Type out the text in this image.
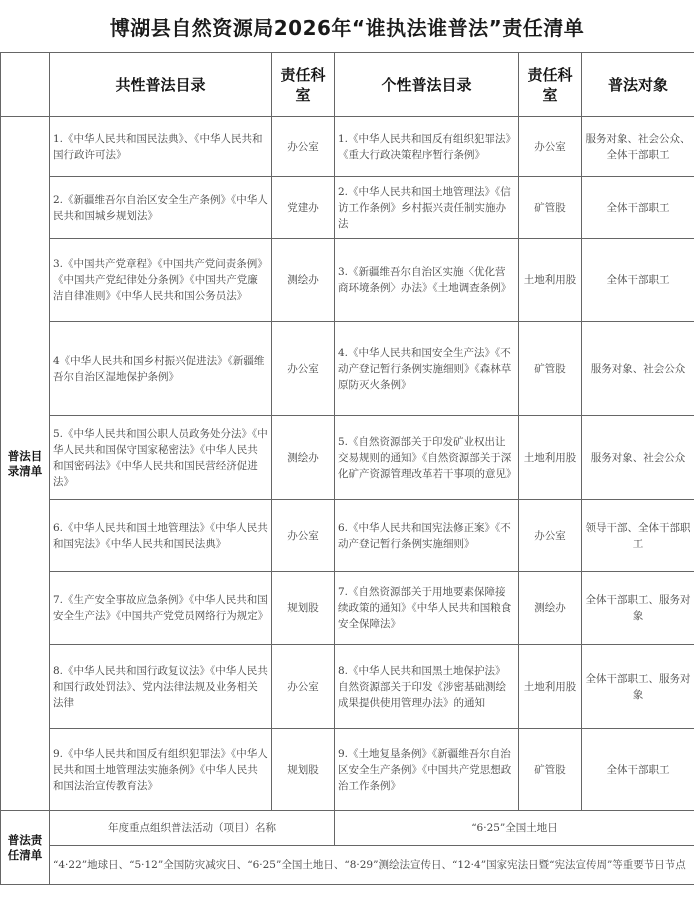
博湖县自然资源局2026年“谁执法谁普法”责任清单
	共性普法目录	责任科室	个性普法目录	责任科室	普法对象
普法目录清单	1.《中华人民共和国民法典》、《中华人民共和国行政许可法》	办公室	1.《中华人民共和国反有组织犯罪法》《重大行政决策程序暂行条例》	办公室	服务对象、社会公众、全体干部职工
	2.《新疆维吾尔自治区安全生产条例》《中华人民共和国城乡规划法》	党建办	2.《中华人民共和国土地管理法》《信访工作条例》乡村振兴责任制实施办法	矿管股	全体干部职工
	3.《中国共产党章程》《中国共产党问责条例》《中国共产党纪律处分条例》《中国共产党廉洁自律准则》《中华人民共和国公务员法》	测绘办	3.《新疆维吾尔自治区实施〈优化营商环境条例〉办法》《土地调查条例》	土地利用股	全体干部职工
	4《中华人民共和国乡村振兴促进法》《新疆维吾尔自治区湿地保护条例》	办公室	4.《中华人民共和国安全生产法》《不动产登记暂行条例实施细则》《森林草原防灭火条例》	矿管股	服务对象、社会公众
	5.《中华人民共和国公职人员政务处分法》《中华人民共和国保守国家秘密法》《中华人民共和国密码法》《中华人民共和国民营经济促进法》	测绘办	5.《自然资源部关于印发矿业权出让交易规则的通知》《自然资源部关于深化矿产资源管理改革若干事项的意见》	土地利用股	服务对象、社会公众
	6.《中华人民共和国土地管理法》《中华人民共和国宪法》《中华人民共和国民法典》	办公室	6.《中华人民共和国宪法修正案》《不动产登记暂行条例实施细则》	办公室	领导干部、全体干部职工
	7.《生产安全事故应急条例》《中华人民共和国安全生产法》《中国共产党党员网络行为规定》	规划股	7.《自然资源部关于用地要素保障接续政策的通知》《中华人民共和国粮食安全保障法》	测绘办	全体干部职工、服务对象
	8.《中华人民共和国行政复议法》《中华人民共和国行政处罚法》、党内法律法规及业务相关法律	办公室	8.《中华人民共和国黑土地保护法》 自然资源部关于印发《涉密基础测绘成果提供使用管理办法》的通知	土地利用股	全体干部职工、服务对象
	9.《中华人民共和国反有组织犯罪法》《中华人民共和国土地管理法实施条例》《中华人民共和国法治宣传教育法》	规划股	9.《土地复垦条例》《新疆维吾尔自治区安全生产条例》《中国共产党思想政治工作条例》	矿管股	全体干部职工
普法责任清单	年度重点组织普法活动（项目）名称		“6·25”全国土地日		
	“4·22”地球日、“5·12”全国防灾减灾日、“6·25”全国土地日、“8·29”测绘法宣传日、“12·4”国家宪法日暨“宪法宣传周”等重要节日节点				
